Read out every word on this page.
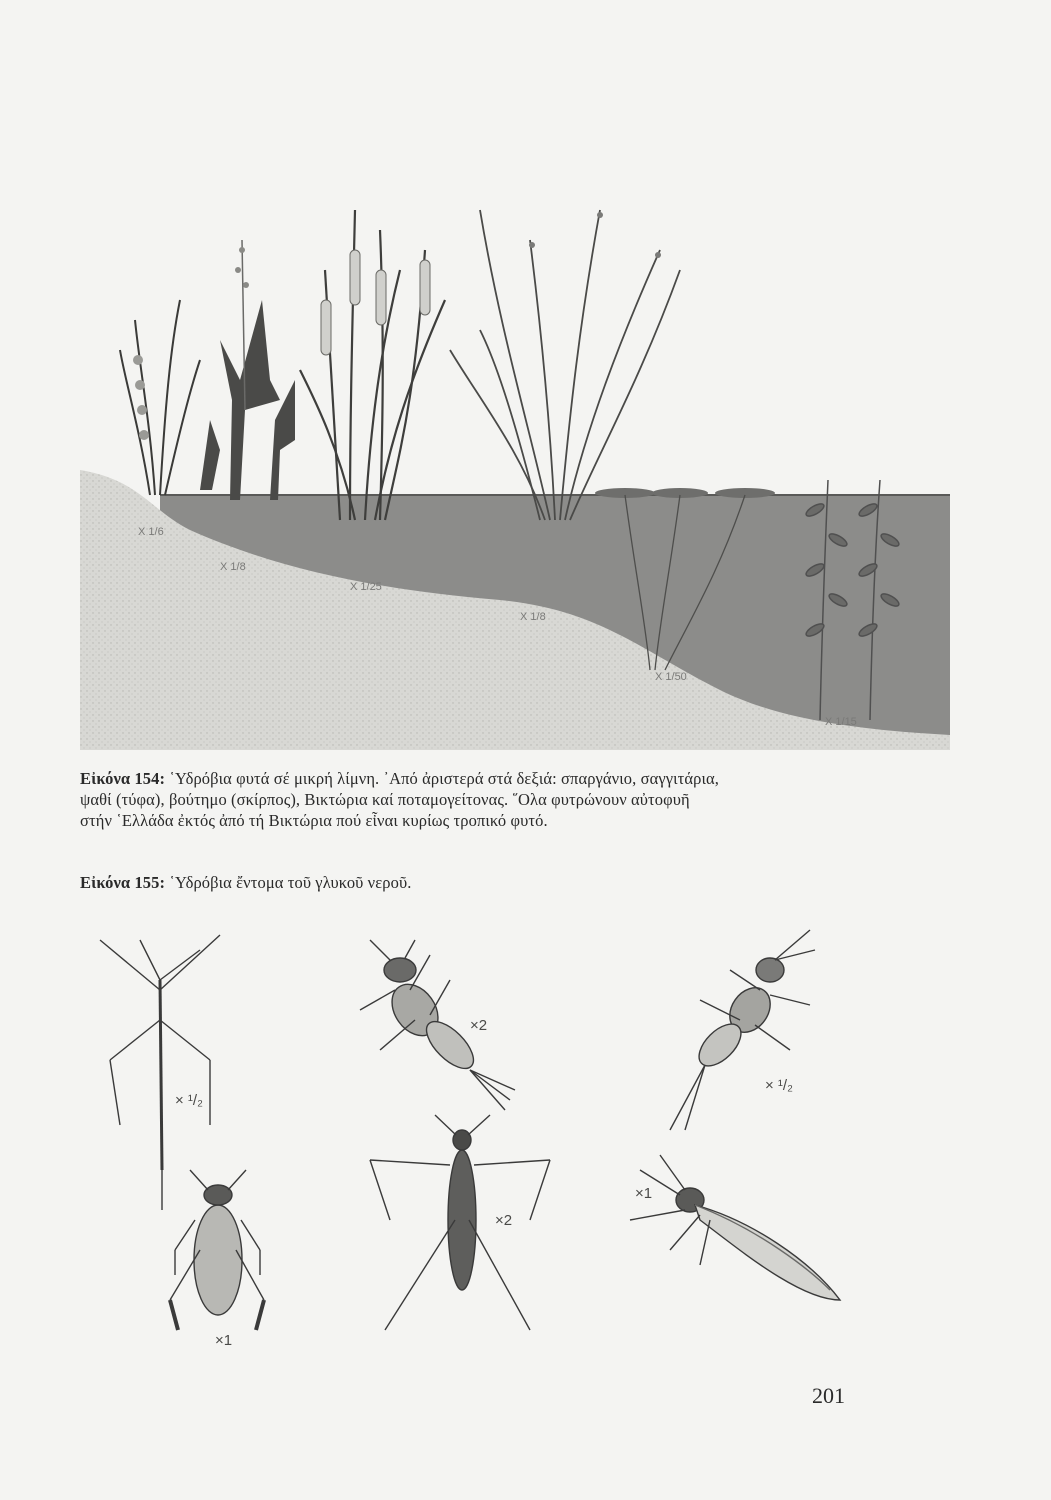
X 1/6
X 1/8
X 1/25
X 1/8
X 1/50
X 1/15
Εἰκόνα 154: ῾Υδρόβια φυτά σέ μικρή λίμνη. ᾿Από ἀριστερά στά δεξιά: σπαργάνιο, σαγγιτάρια,
ψαθί (τύφα), βούτημο (σκίρπος), Βικτώρια καί ποταμογείτονας. ῞Ολα φυτρώνουν αὐτοφυῆ
στήν ῾Ελλάδα ἐκτός ἀπό τή Βικτώρια πού εἶναι κυρίως τροπικό φυτό.
Εἰκόνα 155: ῾Υδρόβια ἔντομα τοῦ γλυκοῦ νεροῦ.
× ¹/₂
×2
× ¹/₂
×1
×2
×1
201
